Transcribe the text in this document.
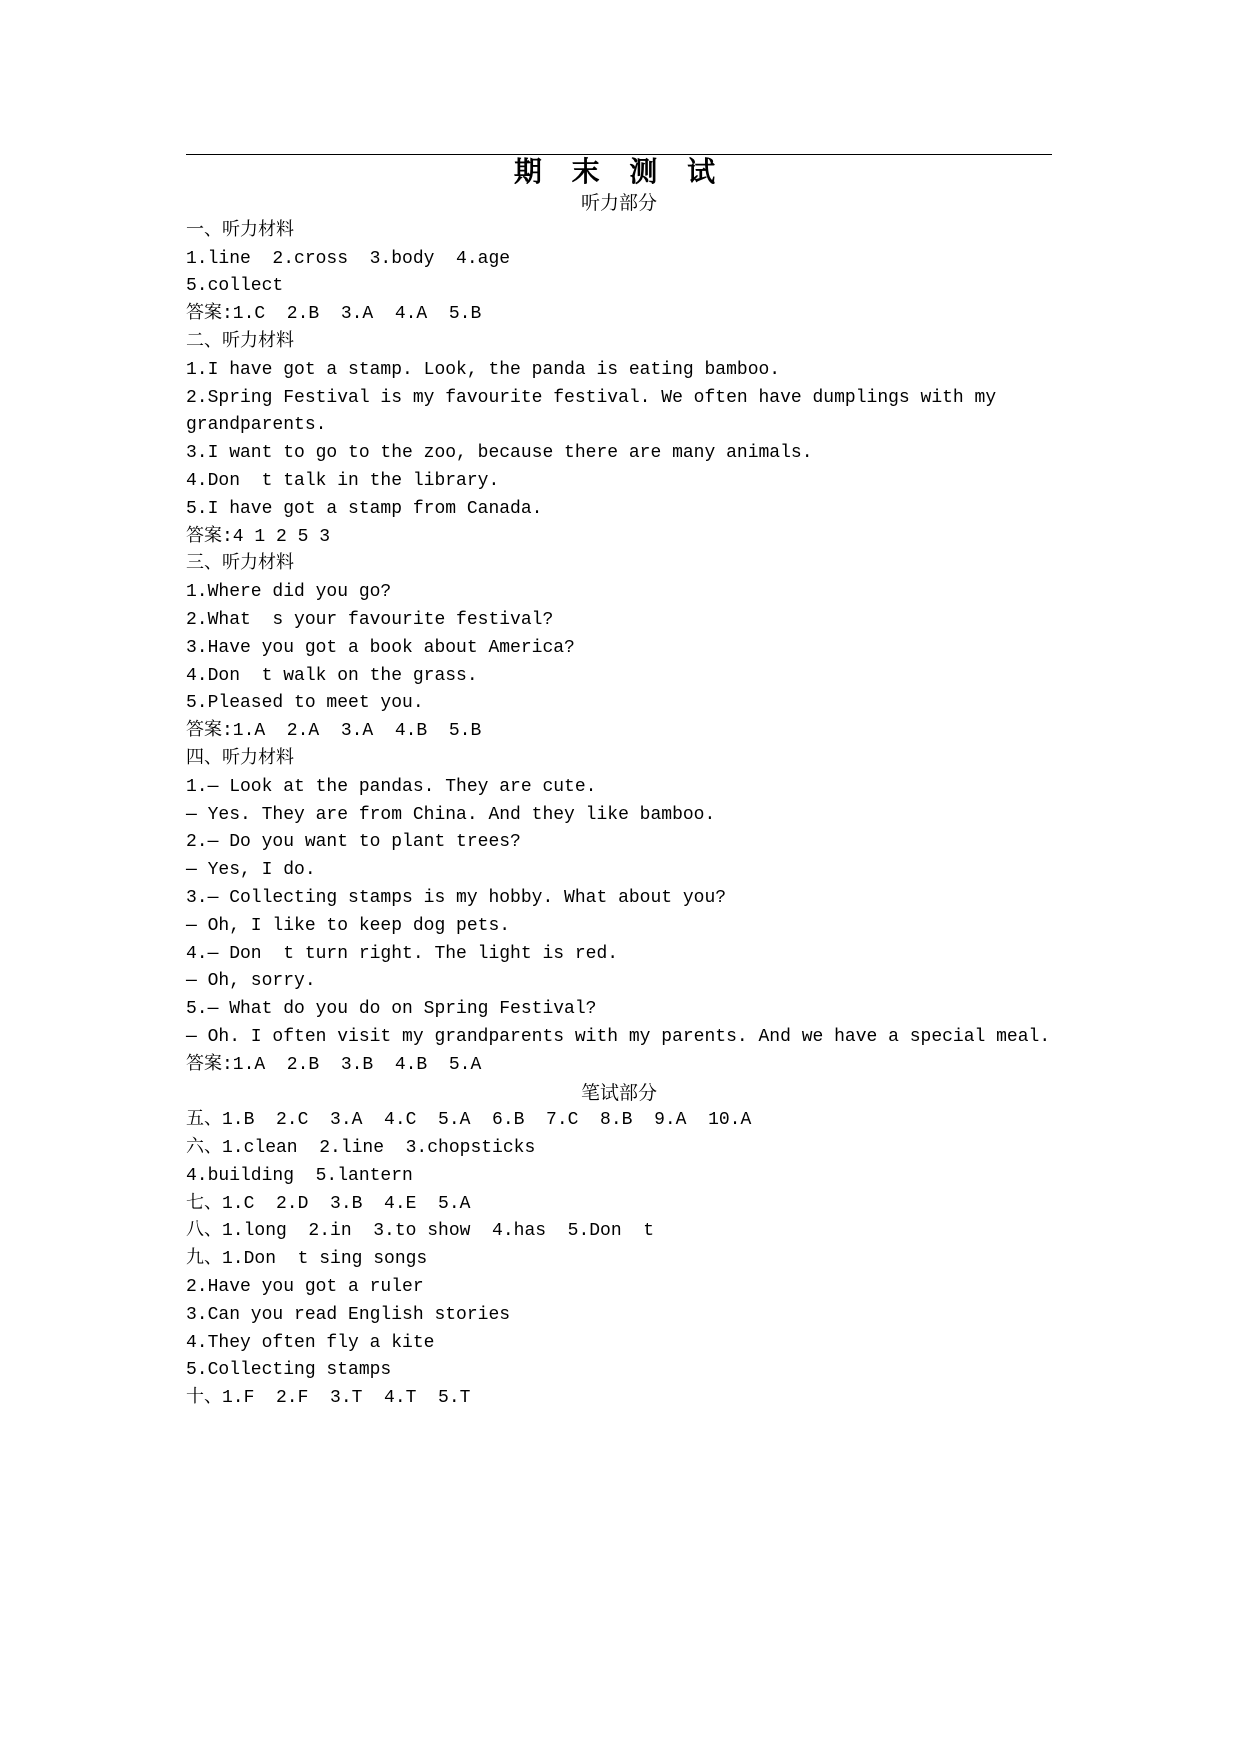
期 末 测 试
听力部分
一、听力材料
1.line  2.cross  3.body  4.age
5.collect
答案:1.C  2.B  3.A  4.A  5.B
二、听力材料
1.I have got a stamp. Look, the panda is eating bamboo.
2.Spring Festival is my favourite festival. We often have dumplings with my
grandparents.
3.I want to go to the zoo, because there are many animals.
4.Don  t talk in the library.
5.I have got a stamp from Canada.
答案:4 1 2 5 3
三、听力材料
1.Where did you go?
2.What  s your favourite festival?
3.Have you got a book about America?
4.Don  t walk on the grass.
5.Pleased to meet you.
答案:1.A  2.A  3.A  4.B  5.B
四、听力材料
1.— Look at the pandas. They are cute.
— Yes. They are from China. And they like bamboo.
2.— Do you want to plant trees?
— Yes, I do.
3.— Collecting stamps is my hobby. What about you?
— Oh, I like to keep dog pets.
4.— Don  t turn right. The light is red.
— Oh, sorry.
5.— What do you do on Spring Festival?
— Oh. I often visit my grandparents with my parents. And we have a special meal.
答案:1.A  2.B  3.B  4.B  5.A
笔试部分
五、1.B  2.C  3.A  4.C  5.A  6.B  7.C  8.B  9.A  10.A
六、1.clean  2.line  3.chopsticks
4.building  5.lantern
七、1.C  2.D  3.B  4.E  5.A
八、1.long  2.in  3.to show  4.has  5.Don  t
九、1.Don  t sing songs
2.Have you got a ruler
3.Can you read English stories
4.They often fly a kite
5.Collecting stamps
十、1.F  2.F  3.T  4.T  5.T
